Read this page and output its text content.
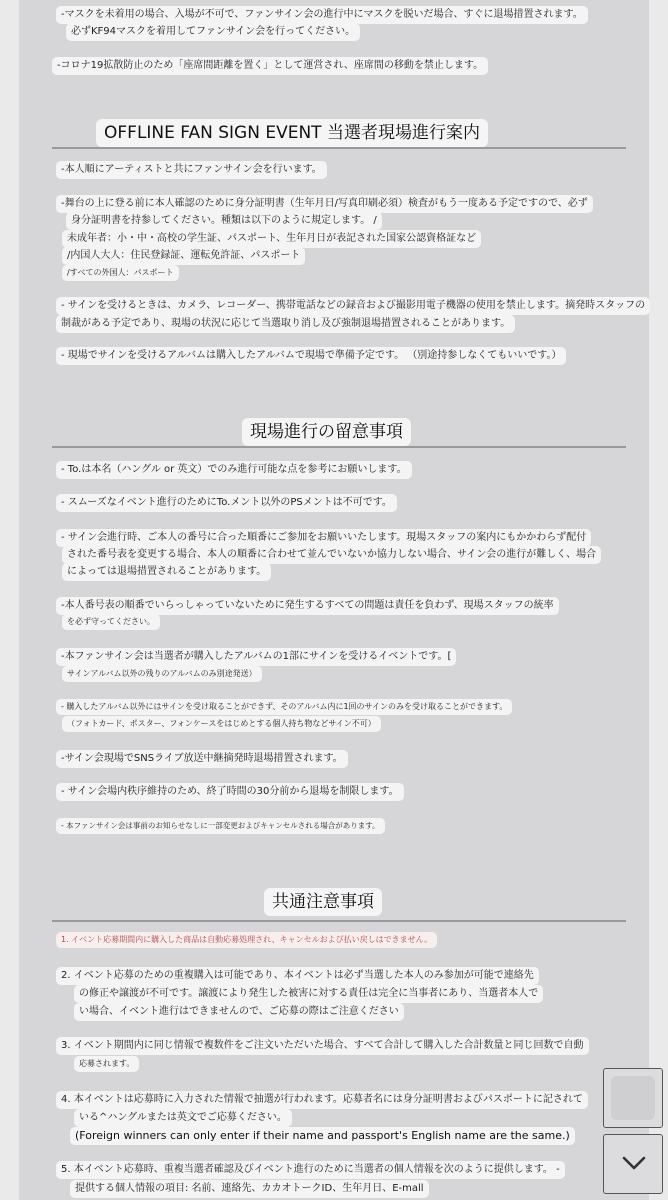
-マスクを未着用の場合、入場が不可で、ファンサイン会の進行中にマスクを脱いだ場合、すぐに退場措置されます。
必ずKF94マスクを着用してファンサイン会を行ってください。
-コロナ19拡散防止のため「座席間距離を置く」として運営され、座席間の移動を禁止します。
OFFLINE FAN SIGN EVENT 当選者現場進行案内
-本人順にアーティストと共にファンサイン会を行います。
-舞台の上に登る前に本人確認のために身分証明書（生年月日/写真印刷必須）検査がもう一度ある予定ですので、必ず
身分証明書を持参してください。種類は以下のように規定します。 /
未成年者：小・中・高校の学生証、パスポート、生年月日が表記された国家公認資格証など
/内国人大人：住民登録証、運転免許証、パスポート
/すべての外国人：パスポート
- サインを受けるときは、カメラ、レコーダー、携帯電話などの録音および撮影用電子機器の使用を禁止します。摘発時スタッフの
制裁がある予定であり、現場の状況に応じて当選取り消し及び強制退場措置されることがあります。
- 現場でサインを受けるアルバムは購入したアルバムで現場で準備予定です。 （別途持参しなくてもいいです。）
現場進行の留意事項
- To.は本名（ハングル or 英文）でのみ進行可能な点を参考にお願いします。
- スムーズなイベント進行のためにTo.メント以外のPSメントは不可です。
- サイン会進行時、ご本人の番号に合った順番にご参加をお願いいたします。現場スタッフの案内にもかかわらず配付
された番号表を変更する場合、本人の順番に合わせて並んでいないか協力しない場合、サイン会の進行が難しく、場合
によっては退場措置されることがあります。
-本人番号表の順番でいらっしゃっていないために発生するすべての問題は責任を負わず、現場スタッフの統率
を必ず守ってください。
-本ファンサイン会は当選者が購入したアルバムの1部にサインを受けるイベントです。[
サインアルバム以外の残りのアルバムのみ別途発送）
- 購入したアルバム以外にはサインを受け取ることができず、そのアルバム内に1回のサインのみを受け取ることができます。
（フォトカード、ポスター、フォンケースをはじめとする個人持ち物などサイン不可）
-サイン会現場でSNSライブ放送中継摘発時退場措置されます。
- サイン会場内秩序維持のため、終了時間の30分前から退場を制限します。
- 本ファンサイン会は事前のお知らせなしに一部変更およびキャンセルされる場合があります。
共通注意事項
1. イベント応募期間内に購入した商品は自動応募処理され、キャンセルおよび払い戻しはできません。
2. イベント応募のための重複購入は可能であり、本イベントは必ず当選した本人のみ参加が可能で連絡先
の修正や譲渡が不可です。譲渡により発生した被害に対する責任は完全に当事者にあり、当選者本人で
い場合、イベント進行はできませんので、ご応募の際はご注意ください
3. イベント期間内に同じ情報で複数件をご注文いただいた場合、すべて合計して購入した合計数量と同じ回数で自動
応募されます。
4. 本イベントは応募時に入力された情報で抽選が行われます。応募者名には身分証明書およびパスポートに記されて
いる^ハングルまたは英文でご応募ください。
(Foreign winners can only enter if their name and passport's English name are the same.)
5. 本イベント応募時、重複当選者確認及びイベント進行のために当選者の個人情報を次のように提供します。 -
提供する個人情報の項目: 名前、連絡先、カカオトークID、生年月日、E-mall
